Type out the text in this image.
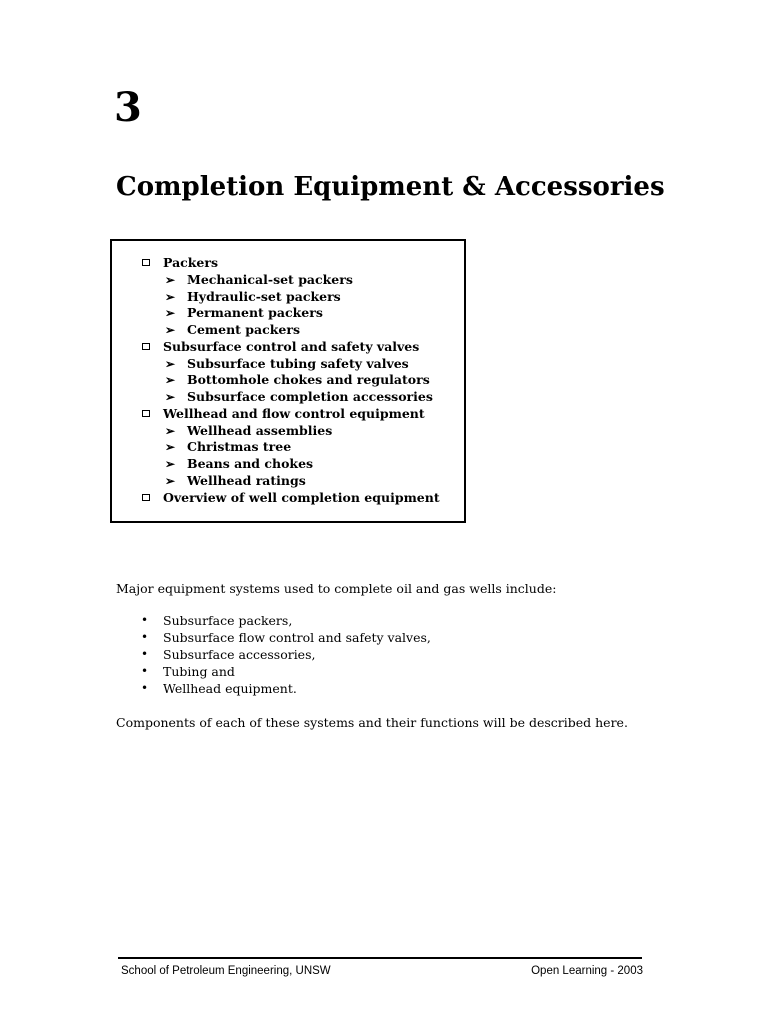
3
Completion Equipment & Accessories
Packers
➢ Mechanical-set packers
➢ Hydraulic-set packers
➢ Permanent packers
➢ Cement packers
Subsurface control and safety valves
➢ Subsurface tubing safety valves
➢ Bottomhole chokes and regulators
➢ Subsurface completion accessories
Wellhead and flow control equipment
➢ Wellhead assemblies
➢ Christmas tree
➢ Beans and chokes
➢ Wellhead ratings
Overview of well completion equipment
Major equipment systems used to complete oil and gas wells include:
• Subsurface packers,
• Subsurface flow control and safety valves,
• Subsurface accessories,
• Tubing and
• Wellhead equipment.
Components of each of these systems and their functions will be described here.
School of Petroleum Engineering, UNSW	Open Learning - 2003
